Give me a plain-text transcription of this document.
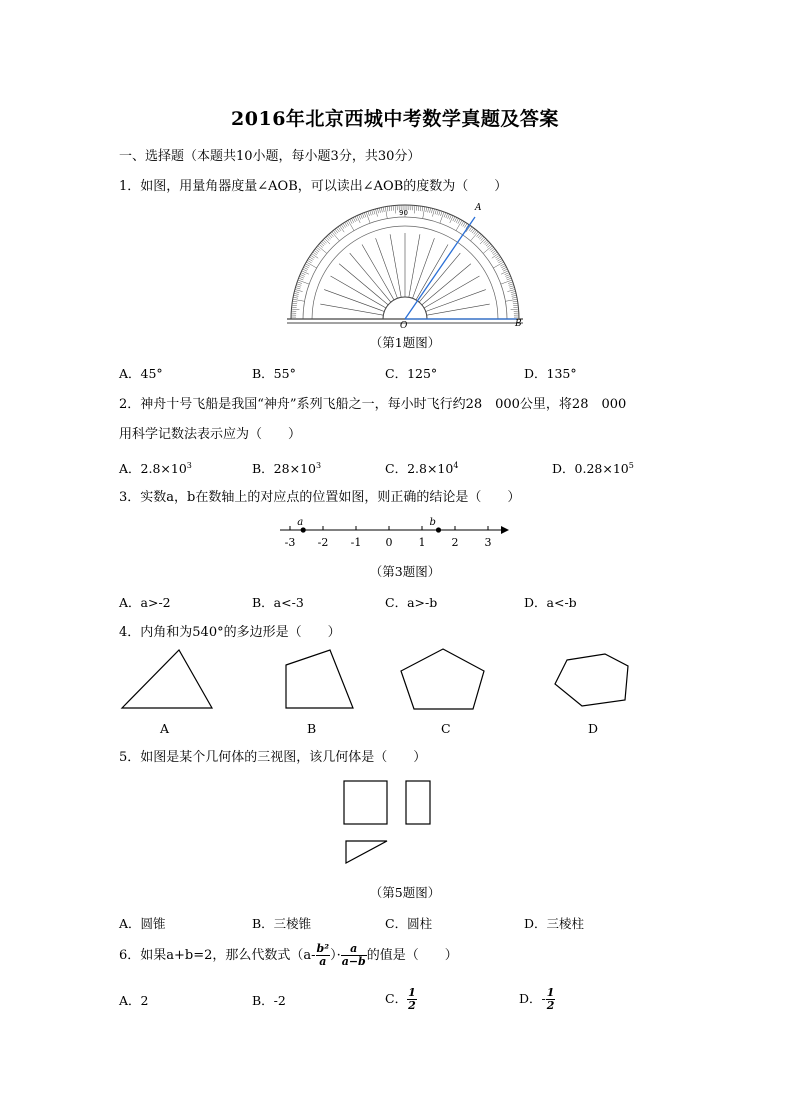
2016年北京西城中考数学真题及答案
一、选择题（本题共10小题，每小题3分，共30分）
1．如图，用量角器度量∠AOB，可以读出∠AOB的度数为（　　）
90
O	B
A
（第1题图）
A．45°	B．55°	C．125°	D．135°
2．神舟十号飞船是我国“神舟”系列飞船之一，每小时飞行约28　000公里，将28　000
用科学记数法表示应为（　　）
A．$2.8\times 10^3$	B．$28\times 10^3$	C．$2.8\times 10^4$	D．$0.28\times 10^5$
3．实数a，b在数轴上的对应点的位置如图，则正确的结论是（　　）
-3 -2 -1 0 1 2 3
a	b
（第3题图）
A．a>-2	B．a<-3	C．a>-b	D．a<-b
4．内角和为540°的多边形是（　　）
A	B	C	D
5．如图是某个几何体的三视图，该几何体是（　　）
（第5题图）
A．圆锥	B．三棱锥	C．圆柱	D．三棱柱
6．如果a+b=2，那么代数式（$a- \frac{\text{b²}}{a}$ ）· $\frac{a}{a-b}$ 的值是（　　）
A．2	B．-2	C． $\frac{1}{2}$	D．- $\frac{1}{2}$
